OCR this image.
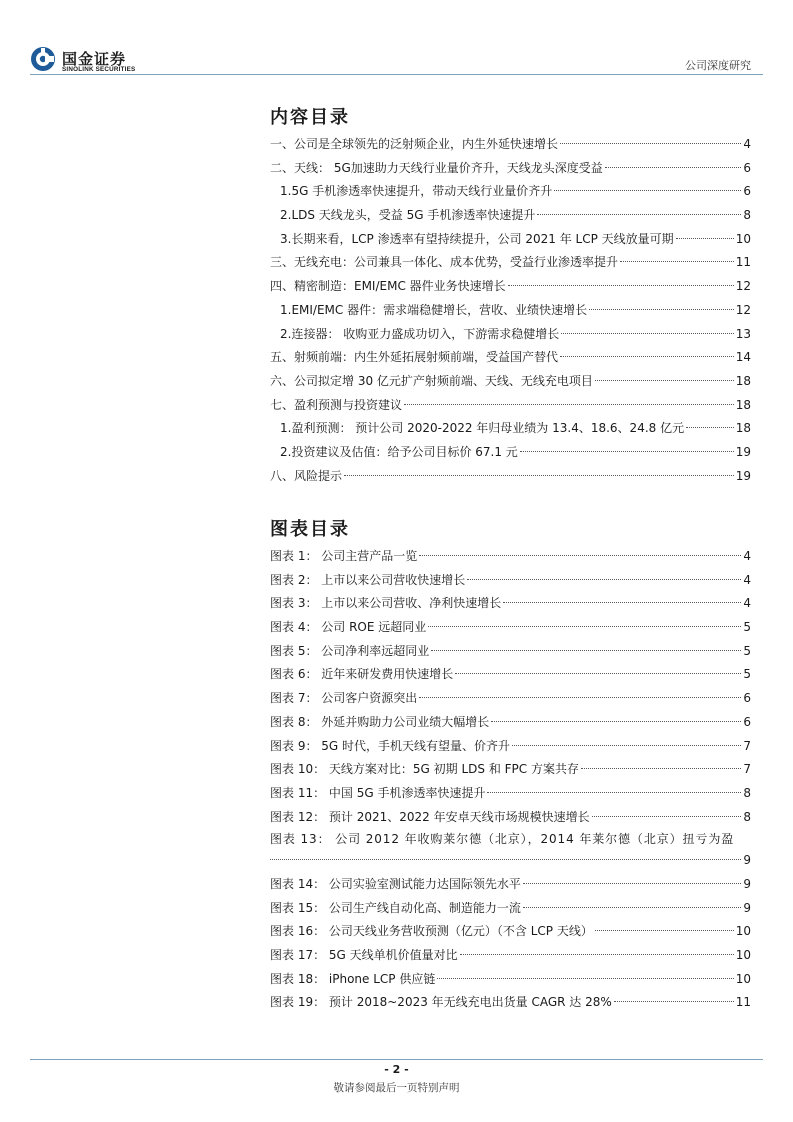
国金证券
SINOLINK SECURITIES	公司深度研究
内容目录
一、公司是全球领先的泛射频企业，内生外延快速增长	4
二、天线： 5G加速助力天线行业量价齐升，天线龙头深度受益	6
1.5G 手机渗透率快速提升，带动天线行业量价齐升	6
2.LDS 天线龙头，受益 5G 手机渗透率快速提升	8
3.长期来看，LCP 渗透率有望持续提升，公司 2021 年 LCP 天线放量可期	10
三、无线充电：公司兼具一体化、成本优势，受益行业渗透率提升	11
四、精密制造：EMI/EMC 器件业务快速增长	12
1.EMI/EMC 器件：需求端稳健增长，营收、业绩快速增长	12
2.连接器： 收购亚力盛成功切入，下游需求稳健增长	13
五、射频前端：内生外延拓展射频前端，受益国产替代	14
六、公司拟定增 30 亿元扩产射频前端、天线、无线充电项目	18
七、盈利预测与投资建议	18
1.盈利预测： 预计公司 2020-2022 年归母业绩为 13.4、18.6、24.8 亿元	18
2.投资建议及估值：给予公司目标价 67.1 元	19
八、风险提示	19
图表目录
图表 1： 公司主营产品一览	4
图表 2： 上市以来公司营收快速增长	4
图表 3： 上市以来公司营收、净利快速增长	4
图表 4： 公司 ROE 远超同业	5
图表 5： 公司净利率远超同业	5
图表 6： 近年来研发费用快速增长	5
图表 7： 公司客户资源突出	6
图表 8： 外延并购助力公司业绩大幅增长	6
图表 9： 5G 时代，手机天线有望量、价齐升	7
图表 10： 天线方案对比：5G 初期 LDS 和 FPC 方案共存	7
图表 11： 中国 5G 手机渗透率快速提升	8
图表 12： 预计 2021、2022 年安卓天线市场规模快速增长	8
图表 13： 公司 2012 年收购莱尔德（北京），2014 年莱尔德（北京）扭亏为盈
9
图表 14： 公司实验室测试能力达国际领先水平	9
图表 15： 公司生产线自动化高、制造能力一流	9
图表 16： 公司天线业务营收预测（亿元）（不含 LCP 天线）	10
图表 17： 5G 天线单机价值量对比	10
图表 18： iPhone LCP 供应链	10
图表 19： 预计 2018~2023 年无线充电出货量 CAGR 达 28%	11
- 2 -
敬请参阅最后一页特别声明
